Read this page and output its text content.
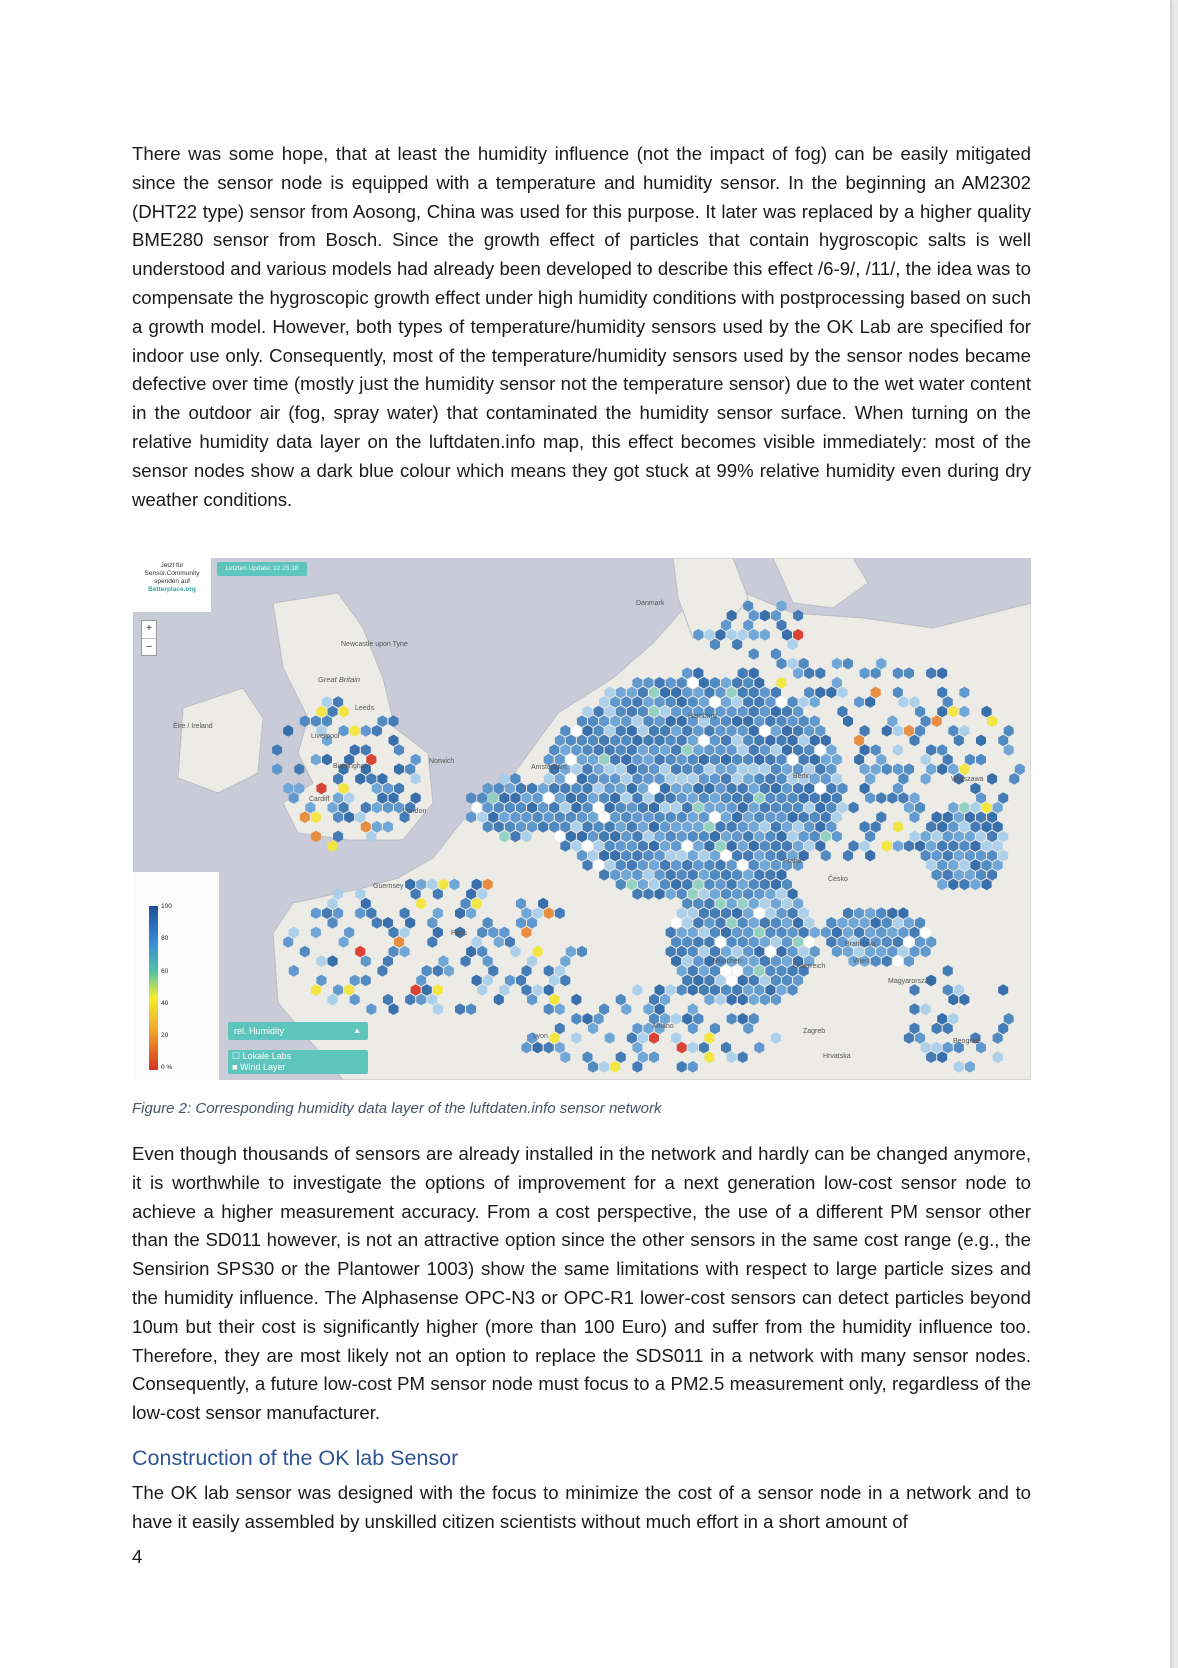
There was some hope, that at least the humidity influence (not the impact of fog) can be easily mitigated since the sensor node is equipped with a temperature and humidity sensor. In the beginning an AM2302 (DHT22 type) sensor from Aosong, China was used for this purpose. It later was replaced by a higher quality BME280 sensor from Bosch. Since the growth effect of particles that contain hygroscopic salts is well understood and various models had already been developed to describe this effect /6-9/, /11/, the idea was to compensate the hygroscopic growth effect under high humidity conditions with postprocessing based on such a growth model. However, both types of temperature/humidity sensors used by the OK Lab are specified for indoor use only. Consequently, most of the temperature/humidity sensors used by the sensor nodes became defective over time (mostly just the humidity sensor not the temperature sensor) due to the wet water content in the outdoor air (fog, spray water) that contaminated the humidity sensor surface. When turning on the relative humidity data layer on the luftdaten.info map, this effect becomes visible immediately: most of the sensor nodes show a dark blue colour which means they got stuck at 99% relative humidity even during dry weather conditions.

Jetzt für
Sensor.Community
spenden auf
Betterplace.org
Letzten Update: 12:25:18
+
–
Great Britain
Danmark
Éire / Ireland
Newcastle upon Tyne
Leeds
Liverpool
Birmingham
Norwich
Cardiff
London
Hamburg
Berlin
Amsterdam
Warszawa
Česko
Praha
Bratislava
Österreich
Magyarország
Zagreb
Guernsey
Paris
München	Wien
Hrvatska
Beograd
Lyon
Milano
100
80
60
40
20
0 %
rel. Humidity	▲
☐ Lokale Labs
■ Wind Layer

Figure 2: Corresponding humidity data layer of the luftdaten.info sensor network

Even though thousands of sensors are already installed in the network and hardly can be changed anymore, it is worthwhile to investigate the options of improvement for a next generation low-cost sensor node to achieve a higher measurement accuracy. From a cost perspective, the use of a different PM sensor other than the SD011 however, is not an attractive option since the other sensors in the same cost range (e.g., the Sensirion SPS30 or the Plantower 1003) show the same limitations with respect to large particle sizes and the humidity influence. The Alphasense OPC-N3 or OPC-R1 lower-cost sensors can detect particles beyond 10um but their cost is significantly higher (more than 100 Euro) and suffer from the humidity influence too. Therefore, they are most likely not an option to replace the SDS011 in a network with many sensor nodes. Consequently, a future low-cost PM sensor node must focus to a PM2.5 measurement only, regardless of the low-cost sensor manufacturer.

Construction of the OK lab Sensor

The OK lab sensor was designed with the focus to minimize the cost of a sensor node in a network and to have it easily assembled by unskilled citizen scientists without much effort in a short amount of

4
